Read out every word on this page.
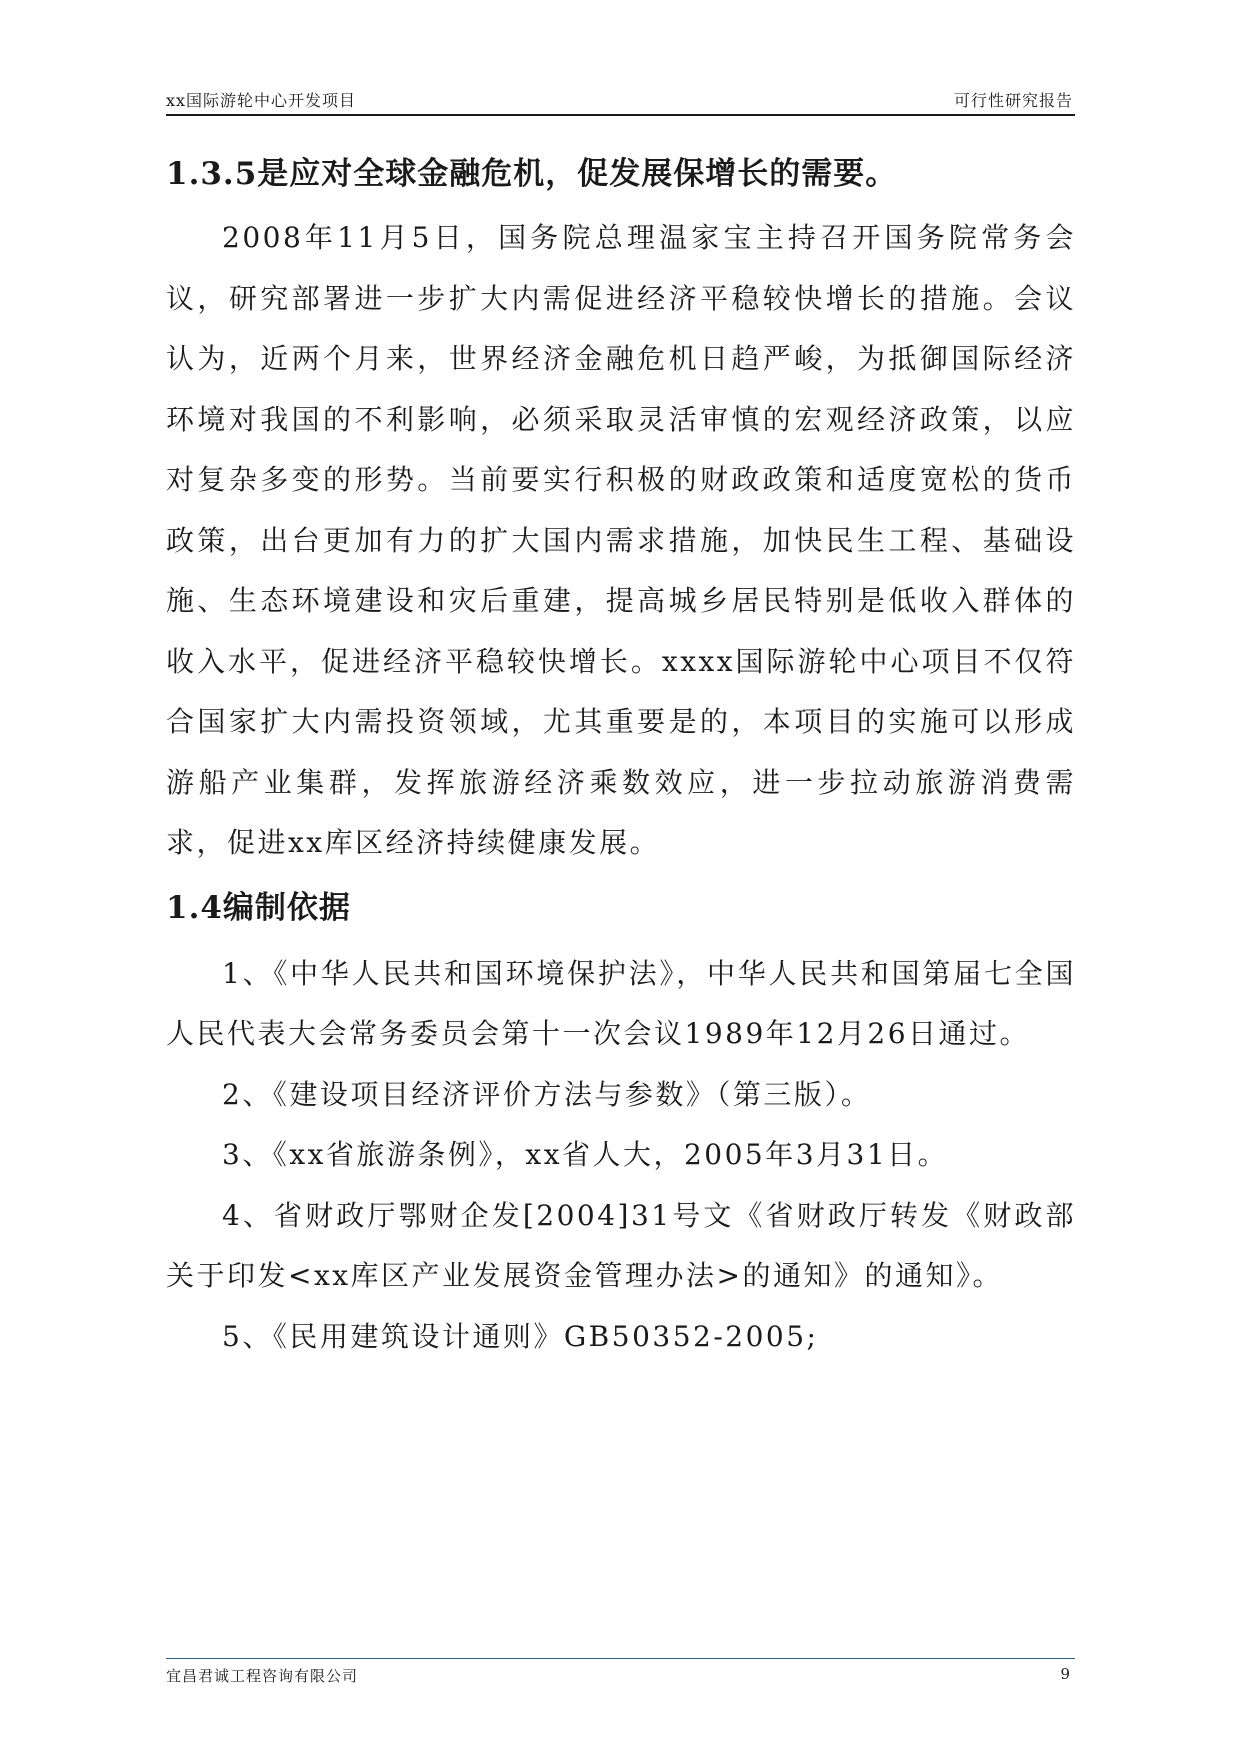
xx国际游轮中心开发项目	可行性研究报告
1.3.5是应对全球金融危机，促发展保增长的需要。

2008年11月5日，国务院总理温家宝主持召开国务院常务会议，研究部署进一步扩大内需促进经济平稳较快增长的措施。会议认为，近两个月来，世界经济金融危机日趋严峻，为抵御国际经济环境对我国的不利影响，必须采取灵活审慎的宏观经济政策，以应对复杂多变的形势。当前要实行积极的财政政策和适度宽松的货币政策，出台更加有力的扩大国内需求措施，加快民生工程、基础设施、生态环境建设和灾后重建，提高城乡居民特别是低收入群体的收入水平，促进经济平稳较快增长。xxxx国际游轮中心项目不仅符合国家扩大内需投资领域，尤其重要是的，本项目的实施可以形成游船产业集群，发挥旅游经济乘数效应，进一步拉动旅游消费需求，促进xx库区经济持续健康发展。

1.4编制依据

1、《中华人民共和国环境保护法》，中华人民共和国第届七全国人民代表大会常务委员会第十一次会议1989年12月26日通过。

2、《建设项目经济评价方法与参数》（第三版）。

3、《xx省旅游条例》，xx省人大，2005年3月31日。

4、省财政厅鄂财企发[2004]31号文《省财政厅转发《财政部关于印发<xx库区产业发展资金管理办法>的通知》的通知》。

5、《民用建筑设计通则》GB50352-2005;

宜昌君诚工程咨询有限公司	9
